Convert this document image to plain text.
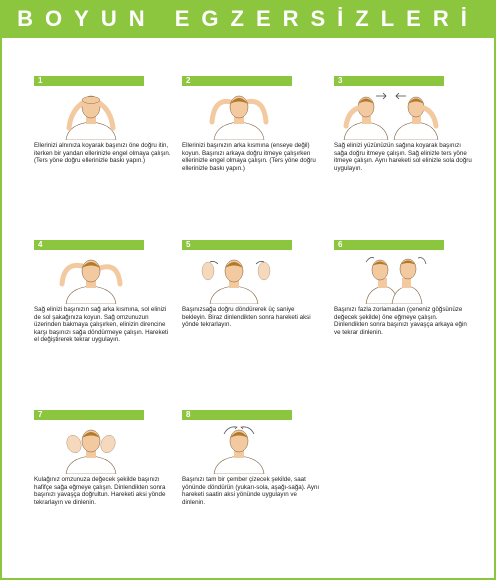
BOYUN EGZERSİZLERİ
1
Ellerinizi alnınıza koyarak başınızı öne doğru itin, iterken bir yandan ellerinizle engel olmaya çalışın. (Ters yöne doğru ellerinizle baskı yapın.)
2
Ellerinizi başınızın arka kısmına (enseye değil) koyun. Başınızı arkaya doğru itmeye çalışırken ellerinizle engel olmaya çalışın. (Ters yöne doğru ellerinizle baskı yapın.)
3
Sağ elinizi yüzünüzün sağına koyarak başınızı sağa doğru itmeye çalışın. Sağ elinizle ters yöne itmeye çalışın. Aynı hareketi sol elinizle sola doğru uygulayın.
4
Sağ elinizi başınızın sağ arka kısmına, sol elinizi de sol şakağınıza koyun. Sağ omzunuzun üzerinden bakmaya çalışırken, elinizin direncine karşı başınızı sağa döndürmeye çalışın. Hareketi el değiştirerek tekrar uygulayın.
5
Başınızsağa doğru döndürerek üç saniye bekleyin. Biraz dinlendikten sonra hareketi aksi yönde tekrarlayın.
6
Başınızı fazla zorlamadan (çeneniz göğsünüze değecek şekilde) öne eğmeye çalışın. Dinlendikten sonra başınızı yavaşça arkaya eğin ve tekrar dinlenin.
7
Kulağınız omzunuza değecek şekilde başınızı hafifçe sağa eğmeye çalışın. Dinlendikten sonra başınızı yavaşça doğrultun. Hareketi aksi yönde tekrarlayın ve dinlenin.
8
Başınızı tam bir çember çizecek şekilde, saat yönünde döndürün (yukarı-sola, aşağı-sağa). Aynı hareketi saatin aksi yönünde uygulayın ve dinlenin.
